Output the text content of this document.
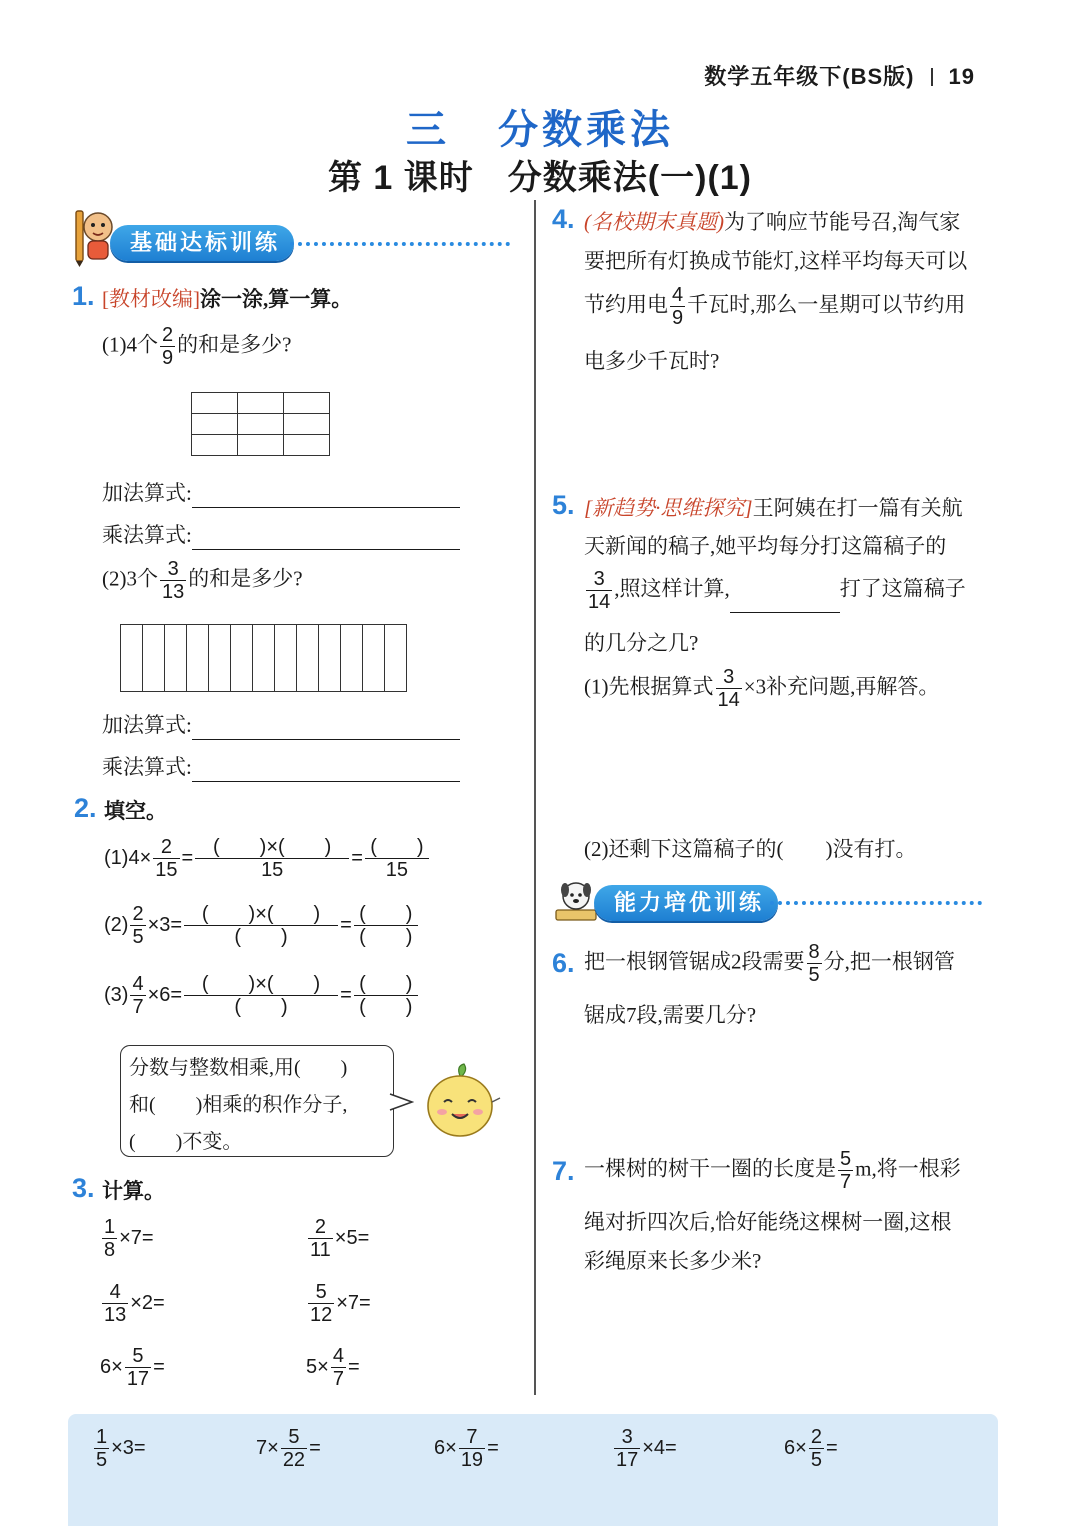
数学五年级下(BS版) 19
三 分数乘法
第 1 课时 分数乘法(一)(1)
基础达标训练
1. [教材改编]涂一涂,算一算。
(1)4个 $\frac{2}{9}$ 的和是多少?

加法算式:
乘法算式:
(2)3个 $\frac{3}{13}$ 的和是多少?

加法算式:
乘法算式:
2. 填空。
$(1)4\times \frac{2}{15} = \frac{( )\times( )}{15} = \frac{( )}{15}$
$(2) \frac{2}{5} \times 3= \frac{( )\times( )}{( )} = \frac{( )}{( )}$
$(3) \frac{4}{7} \times 6= \frac{( )\times( )}{( )} = \frac{( )}{( )}$
分数与整数相乘,用(　　)
和(　　)相乘的积作分子,
(　　)不变。
3. 计算。
$\frac{1}{8} \times 7=$	$\frac{2}{11} \times 5=$
$\frac{4}{13} \times 2=$	$\frac{5}{12} \times 7=$
$6\times \frac{5}{17}$ =	$5\times \frac{4}{7}$ =
4. (名校期末真题)为了响应节能号召,淘气家
要把所有灯换成节能灯,这样平均每天可以
节约用电 $\frac{4}{9}$ 千瓦时,那么一星期可以节约用
电多少千瓦时?
5. [新趋势·思维探究]王阿姨在打一篇有关航
天新闻的稿子,她平均每分打这篇稿子的
$\frac{3}{14}$ ,照这样计算,	打了这篇稿子
的几分之几?
(1)先根据算式 $\frac{3}{14} \times 3$补充问题,再解答。
(2)还剩下这篇稿子的(　　)没有打。
能力培优训练
6. 把一根钢管锯成2段需要 $\frac{8}{5}$ 分,把一根钢管
锯成7段,需要几分?
7. 一棵树的树干一圈的长度是 $\frac{5}{7} m$,将一根彩
绳对折四次后,恰好能绕这棵树一圈,这根
彩绳原来长多少米?
$\frac{1}{5} \times 3=$	$7\times \frac{5}{22}$ =	$6\times \frac{7}{19}$ =	$\frac{3}{17} \times 4=$	$6\times \frac{2}{5}$ =
